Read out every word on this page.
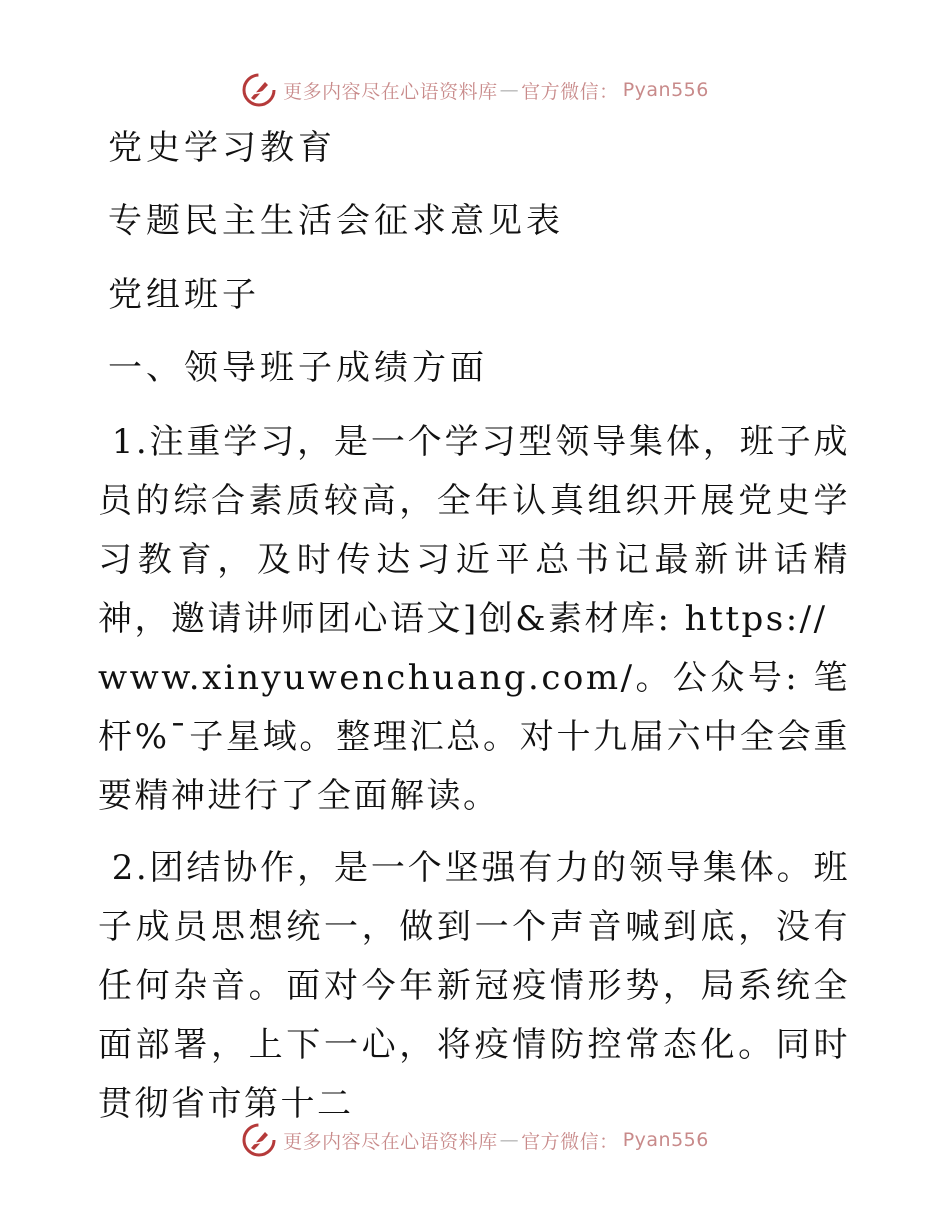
更多内容尽在心语资料库 — 官方微信： Pyan556
党史学习教育
专题民主生活会征求意见表
党组班子
一、领导班子成绩方面
1.注重学习，是一个学习型领导集体，班子成员的综合素质较高，全年认真组织开展党史学习教育，及时传达习近平总书记最新讲话精神，邀请讲师团心语文]创&素材库: https://
www.xinyuwenchuang.com/。公众号: 笔杆%¯子星域。整理汇总。对十九届六中全会重要精神进行了全面解读。
2.团结协作，是一个坚强有力的领导集体。班子成员思想统一，做到一个声音喊到底，没有任何杂音。面对今年新冠疫情形势，局系统全面部署，上下一心，将疫情防控常态化。同时贯彻省市第十二
更多内容尽在心语资料库 — 官方微信： Pyan556
